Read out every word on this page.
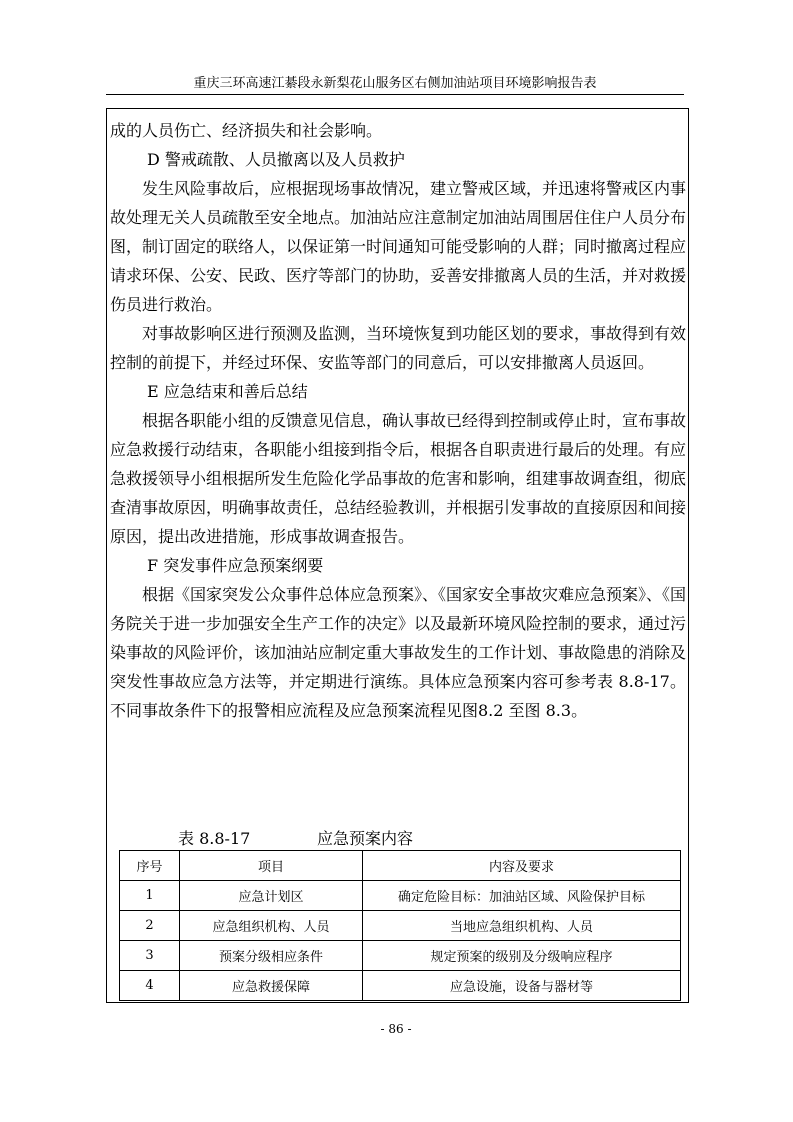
重庆三环高速江綦段永新梨花山服务区右侧加油站项目环境影响报告表

成的人员伤亡、经济损失和社会影响。

D 警戒疏散、人员撤离以及人员救护

发生风险事故后，应根据现场事故情况，建立警戒区域，并迅速将警戒区内事故处理无关人员疏散至安全地点。加油站应注意制定加油站周围居住住户人员分布图，制订固定的联络人，以保证第一时间通知可能受影响的人群；同时撤离过程应请求环保、公安、民政、医疗等部门的协助，妥善安排撤离人员的生活，并对救援伤员进行救治。

对事故影响区进行预测及监测，当环境恢复到功能区划的要求，事故得到有效控制的前提下，并经过环保、安监等部门的同意后，可以安排撤离人员返回。

E 应急结束和善后总结

根据各职能小组的反馈意见信息，确认事故已经得到控制或停止时，宣布事故应急救援行动结束，各职能小组接到指令后，根据各自职责进行最后的处理。有应急救援领导小组根据所发生危险化学品事故的危害和影响，组建事故调查组，彻底查清事故原因，明确事故责任，总结经验教训，并根据引发事故的直接原因和间接原因，提出改进措施，形成事故调查报告。

F 突发事件应急预案纲要

根据《国家突发公众事件总体应急预案》、《国家安全事故灾难应急预案》、《国务院关于进一步加强安全生产工作的决定》以及最新环境风险控制的要求，通过污染事故的风险评价，该加油站应制定重大事故发生的工作计划、事故隐患的消除及突发性事故应急方法等，并定期进行演练。具体应急预案内容可参考表 8.8-17。不同事故条件下的报警相应流程及应急预案流程见图8.2 至图 8.3。

表 8.8-17	应急预案内容
序号	项目	内容及要求
1	应急计划区	确定危险目标：加油站区域、风险保护目标
2	应急组织机构、人员	当地应急组织机构、人员
3	预案分级相应条件	规定预案的级别及分级响应程序
4	应急救援保障	应急设施，设备与器材等
- 86 -
